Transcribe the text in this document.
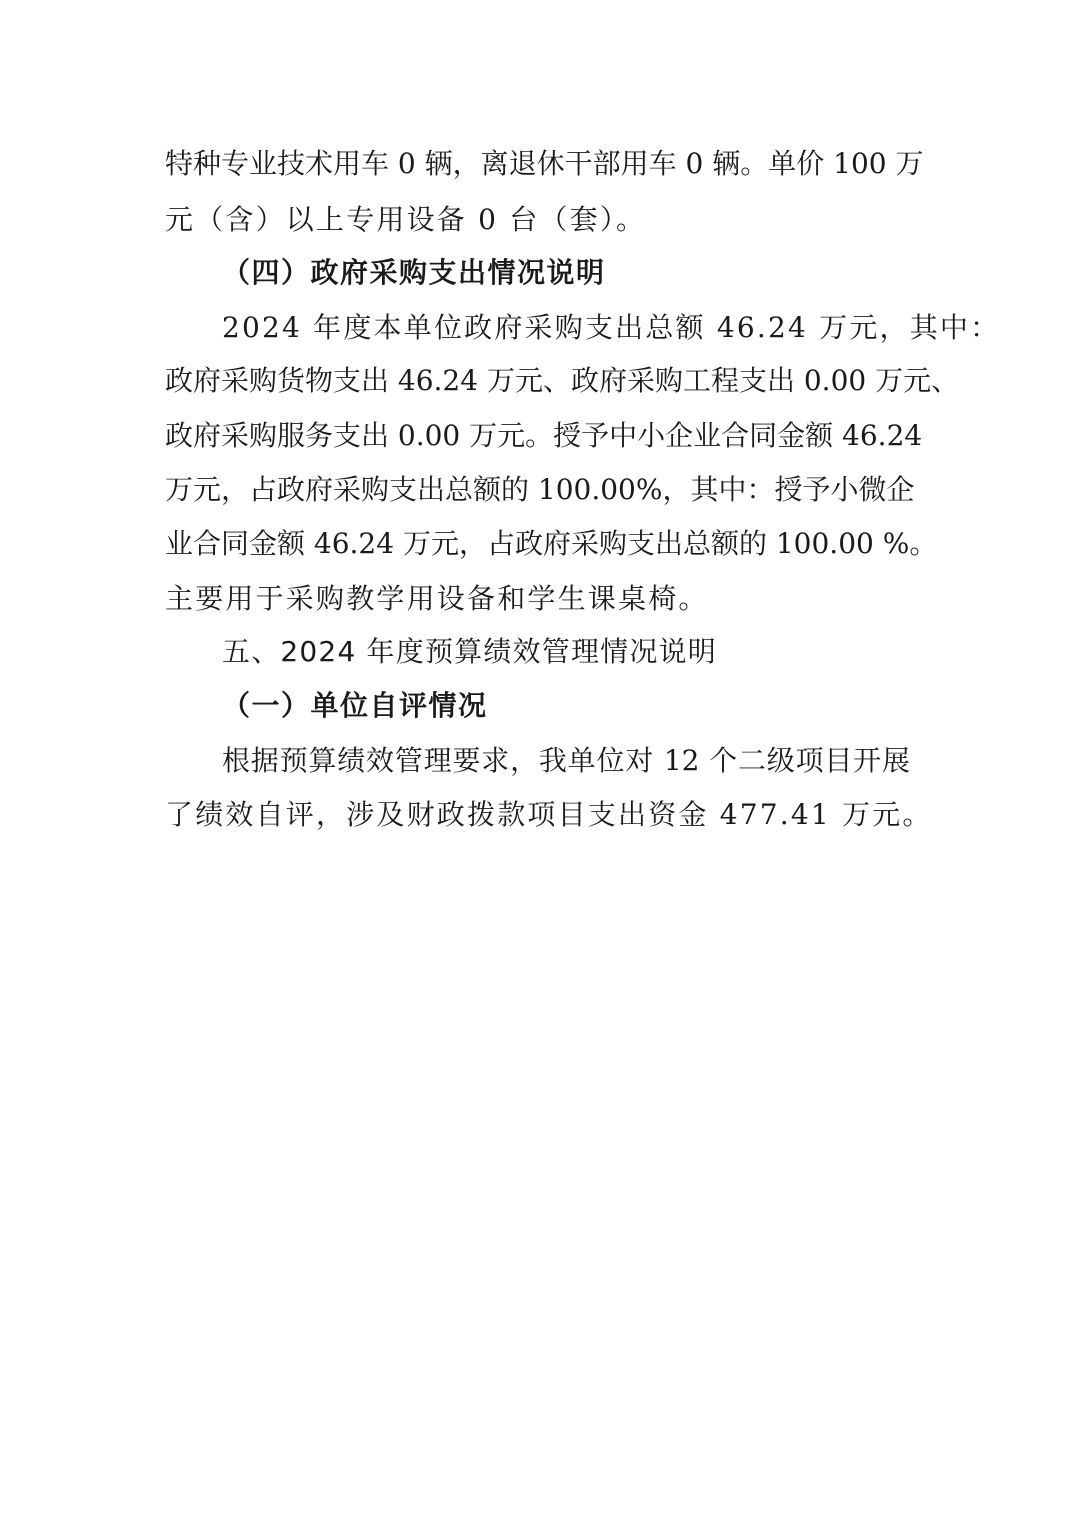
特种专业技术用车 0 辆，离退休干部用车 0 辆。单价 100 万
元（含）以上专用设备 0 台（套）。
（四）政府采购支出情况说明
2024 年度本单位政府采购支出总额 46.24 万元，其中：
政府采购货物支出 46.24 万元、政府采购工程支出 0.00 万元、
政府采购服务支出 0.00 万元。授予中小企业合同金额 46.24
万元，占政府采购支出总额的 100.00%，其中：授予小微企
业合同金额 46.24 万元，占政府采购支出总额的 100.00 %。
主要用于采购教学用设备和学生课桌椅。
五、2024 年度预算绩效管理情况说明
（一）单位自评情况
根据预算绩效管理要求，我单位对 12 个二级项目开展
了绩效自评，涉及财政拨款项目支出资金 477.41 万元。
